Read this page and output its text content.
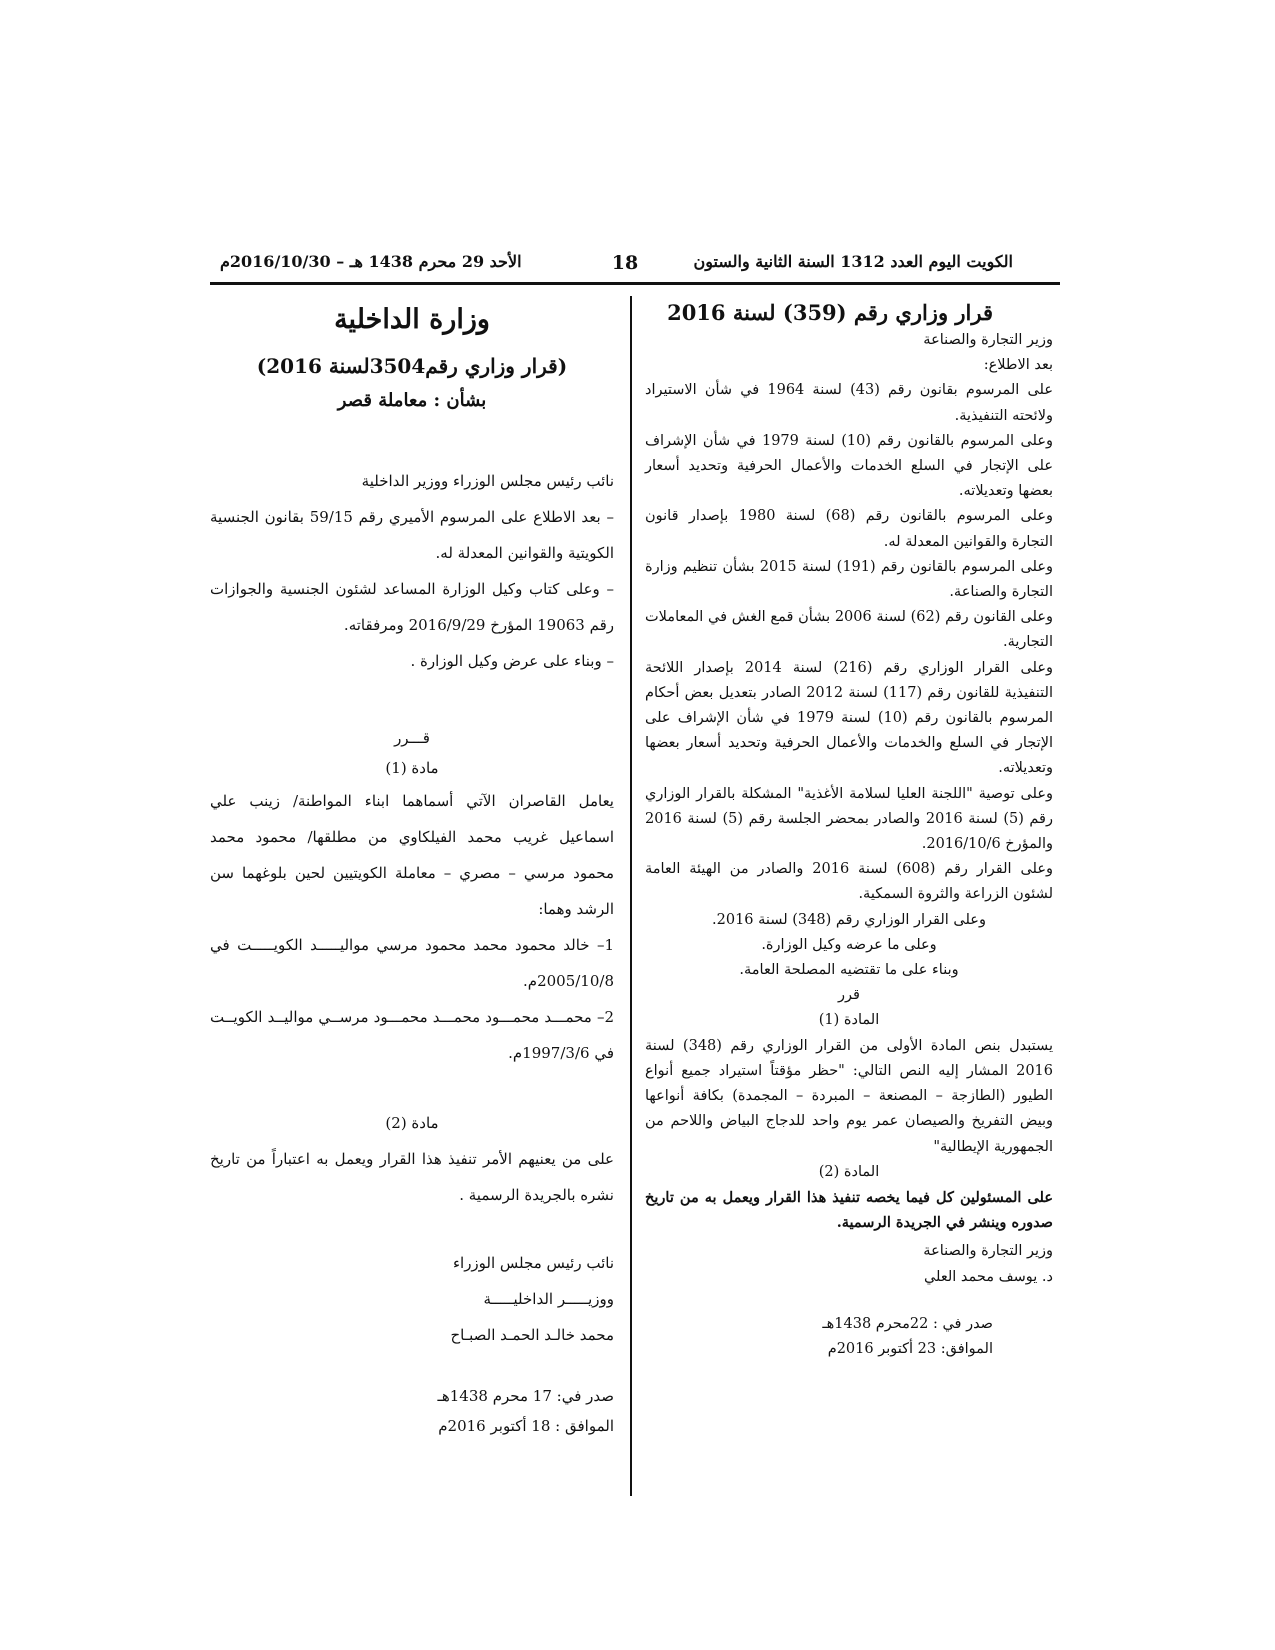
الكويت اليوم العدد 1312 السنة الثانية والستون
18
الأحد 29 محرم 1438 هـ – 2016/10/30م
قرار وزاري رقم (359) لسنة 2016

وزير التجارة والصناعة

بعد الاطلاع:

على المرسوم بقانون رقم (43) لسنة 1964 في شأن الاستيراد ولائحته التنفيذية.

وعلى المرسوم بالقانون رقم (10) لسنة 1979 في شأن الإشراف على الإتجار في السلع الخدمات والأعمال الحرفية وتحديد أسعار بعضها وتعديلاته.

وعلى المرسوم بالقانون رقم (68) لسنة 1980 بإصدار قانون التجارة والقوانين المعدلة له.

وعلى المرسوم بالقانون رقم (191) لسنة 2015 بشأن تنظيم وزارة التجارة والصناعة.

وعلى القانون رقم (62) لسنة 2006 بشأن قمع الغش في المعاملات التجارية.

وعلى القرار الوزاري رقم (216) لسنة 2014 بإصدار اللائحة التنفيذية للقانون رقم (117) لسنة 2012 الصادر بتعديل بعض أحكام المرسوم بالقانون رقم (10) لسنة 1979 في شأن الإشراف على الإتجار في السلع والخدمات والأعمال الحرفية وتحديد أسعار بعضها وتعديلاته.

وعلى توصية "اللجنة العليا لسلامة الأغذية" المشكلة بالقرار الوزاري رقم (5) لسنة 2016 والصادر بمحضر الجلسة رقم (5) لسنة 2016 والمؤرخ 2016/10/6.

وعلى القرار رقم (608) لسنة 2016 والصادر من الهيئة العامة لشئون الزراعة والثروة السمكية.

وعلى القرار الوزاري رقم (348) لسنة 2016.

وعلى ما عرضه وكيل الوزارة.

وبناء على ما تقتضيه المصلحة العامة.

قرر

المادة (1)

يستبدل بنص المادة الأولى من القرار الوزاري رقم (348) لسنة 2016 المشار إليه النص التالي: "حظر مؤقتاً استيراد جميع أنواع الطيور (الطازجة – المصنعة – المبردة – المجمدة) بكافة أنواعها وبيض التفريخ والصيصان عمر يوم واحد للدجاج البياض واللاحم من الجمهورية الإيطالية"

المادة (2)

على المسئولين كل فيما يخصه تنفيذ هذا القرار ويعمل به من تاريخ صدوره وينشر في الجريدة الرسمية.

وزير التجارة والصناعة

د. يوسف محمد العلي

صدر في : 22محرم 1438هـ

الموافق: 23 أكتوبر 2016م

وزارة الداخلية
(قرار وزاري رقم3504لسنة 2016)
بشأن : معاملة قصر

نائب رئيس مجلس الوزراء ووزير الداخلية

– بعد الاطلاع على المرسوم الأميري رقم 59/15 بقانون الجنسية الكويتية والقوانين المعدلة له.

– وعلى كتاب وكيل الوزارة المساعد لشئون الجنسية والجوازات رقم 19063 المؤرخ 2016/9/29 ومرفقاته.

– وبناء على عرض وكيل الوزارة .

قـــرر

مادة (1)

يعامل القاصران الآتي أسماهما ابناء المواطنة/ زينب علي اسماعيل غريب محمد الفيلكاوي من مطلقها/ محمود محمد محمود مرسي – مصري – معاملة الكويتيين لحين بلوغهما سن الرشد وهما:

1– خالد محمود محمد محمود مرسي مواليـــــد الكويـــــت في 2005/10/8م.

2– محمـــد محمـــود محمـــد محمـــود مرســي مواليــد الكويــت في 1997/3/6م.

مادة (2)

على من يعنيهم الأمر تنفيذ هذا القرار ويعمل به اعتباراً من تاريخ نشره بالجريدة الرسمية .

نائب رئيس مجلس الوزراء

ووزيـــــر الداخليـــــة

محمد خالـد الحمـد الصبـاح

صدر في: 17 محرم 1438هـ

الموافق : 18 أكتوبر 2016م
